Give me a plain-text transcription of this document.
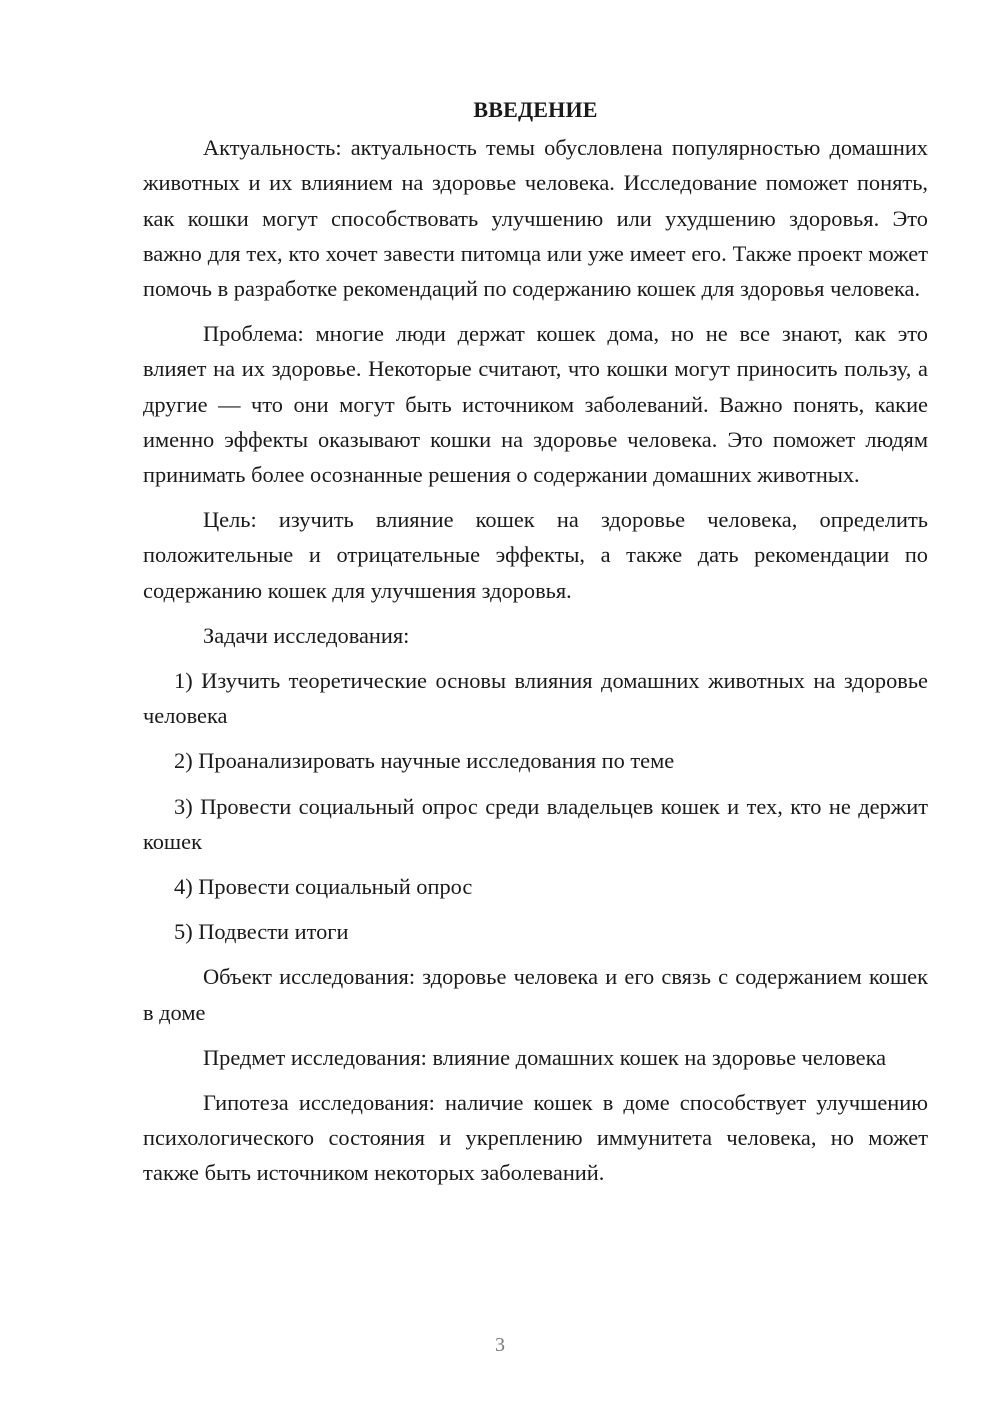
ВВЕДЕНИЕ

Актуальность: актуальность темы обусловлена популярностью домашних животных и их влиянием на здоровье человека. Исследование поможет понять, как кошки могут способствовать улучшению или ухудшению здоровья. Это важно для тех, кто хочет завести питомца или уже имеет его. Также проект может помочь в разработке рекомендаций по содержанию кошек для здоровья человека.

Проблема: многие люди держат кошек дома, но не все знают, как это влияет на их здоровье. Некоторые считают, что кошки могут приносить пользу, а другие — что они могут быть источником заболеваний. Важно понять, какие именно эффекты оказывают кошки на здоровье человека. Это поможет людям принимать более осознанные решения о содержании домашних животных.

Цель: изучить влияние кошек на здоровье человека, определить положительные и отрицательные эффекты, а также дать рекомендации по содержанию кошек для улучшения здоровья.

Задачи исследования:

1) Изучить теоретические основы влияния домашних животных на здоровье человека

2) Проанализировать научные исследования по теме

3) Провести социальный опрос среди владельцев кошек и тех, кто не держит кошек

4) Провести социальный опрос

5) Подвести итоги

Объект исследования: здоровье человека и его связь с содержанием кошек в доме

Предмет исследования: влияние домашних кошек на здоровье человека

Гипотеза исследования: наличие кошек в доме способствует улучшению психологического состояния и укреплению иммунитета человека, но может также быть источником некоторых заболеваний.

3
